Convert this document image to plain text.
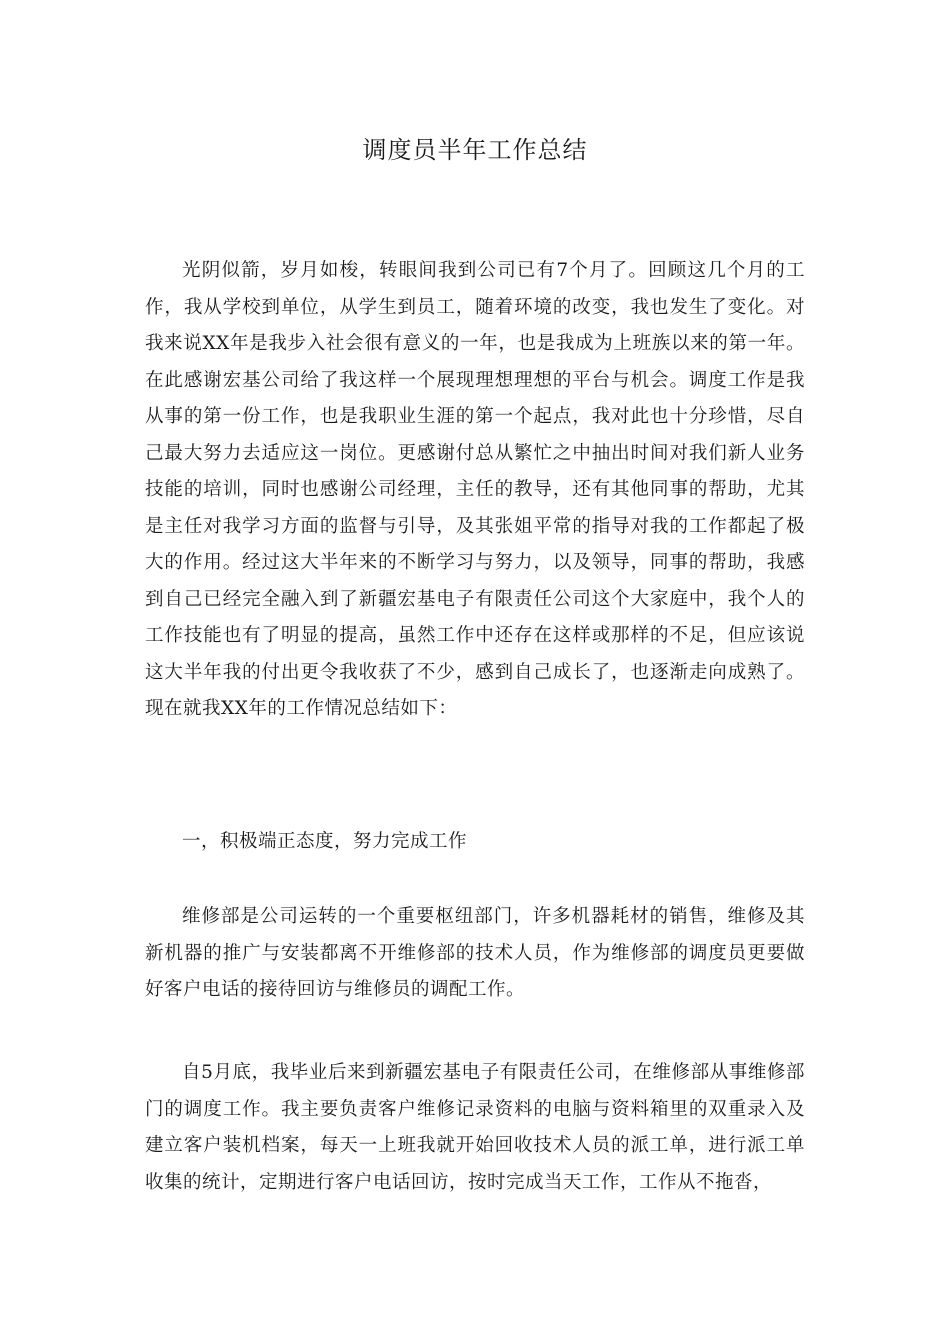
调度员半年工作总结

光阴似箭，岁月如梭，转眼间我到公司已有7个月了。回顾这几个月的工作，我从学校到单位，从学生到员工，随着环境的改变，我也发生了变化。对我来说XX年是我步入社会很有意义的一年，也是我成为上班族以来的第一年。在此感谢宏基公司给了我这样一个展现理想理想的平台与机会。调度工作是我从事的第一份工作，也是我职业生涯的第一个起点，我对此也十分珍惜，尽自己最大努力去适应这一岗位。更感谢付总从繁忙之中抽出时间对我们新人业务技能的培训，同时也感谢公司经理，主任的教导，还有其他同事的帮助，尤其是主任对我学习方面的监督与引导，及其张姐平常的指导对我的工作都起了极大的作用。经过这大半年来的不断学习与努力，以及领导，同事的帮助，我感到自己已经完全融入到了新疆宏基电子有限责任公司这个大家庭中，我个人的工作技能也有了明显的提高，虽然工作中还存在这样或那样的不足，但应该说这大半年我的付出更令我收获了不少，感到自己成长了，也逐渐走向成熟了。现在就我XX年的工作情况总结如下：

一，积极端正态度，努力完成工作

维修部是公司运转的一个重要枢纽部门，许多机器耗材的销售，维修及其新机器的推广与安装都离不开维修部的技术人员，作为维修部的调度员更要做好客户电话的接待回访与维修员的调配工作。

自5月底，我毕业后来到新疆宏基电子有限责任公司，在维修部从事维修部门的调度工作。我主要负责客户维修记录资料的电脑与资料箱里的双重录入及建立客户装机档案，每天一上班我就开始回收技术人员的派工单，进行派工单收集的统计，定期进行客户电话回访，按时完成当天工作，工作从不拖沓，
